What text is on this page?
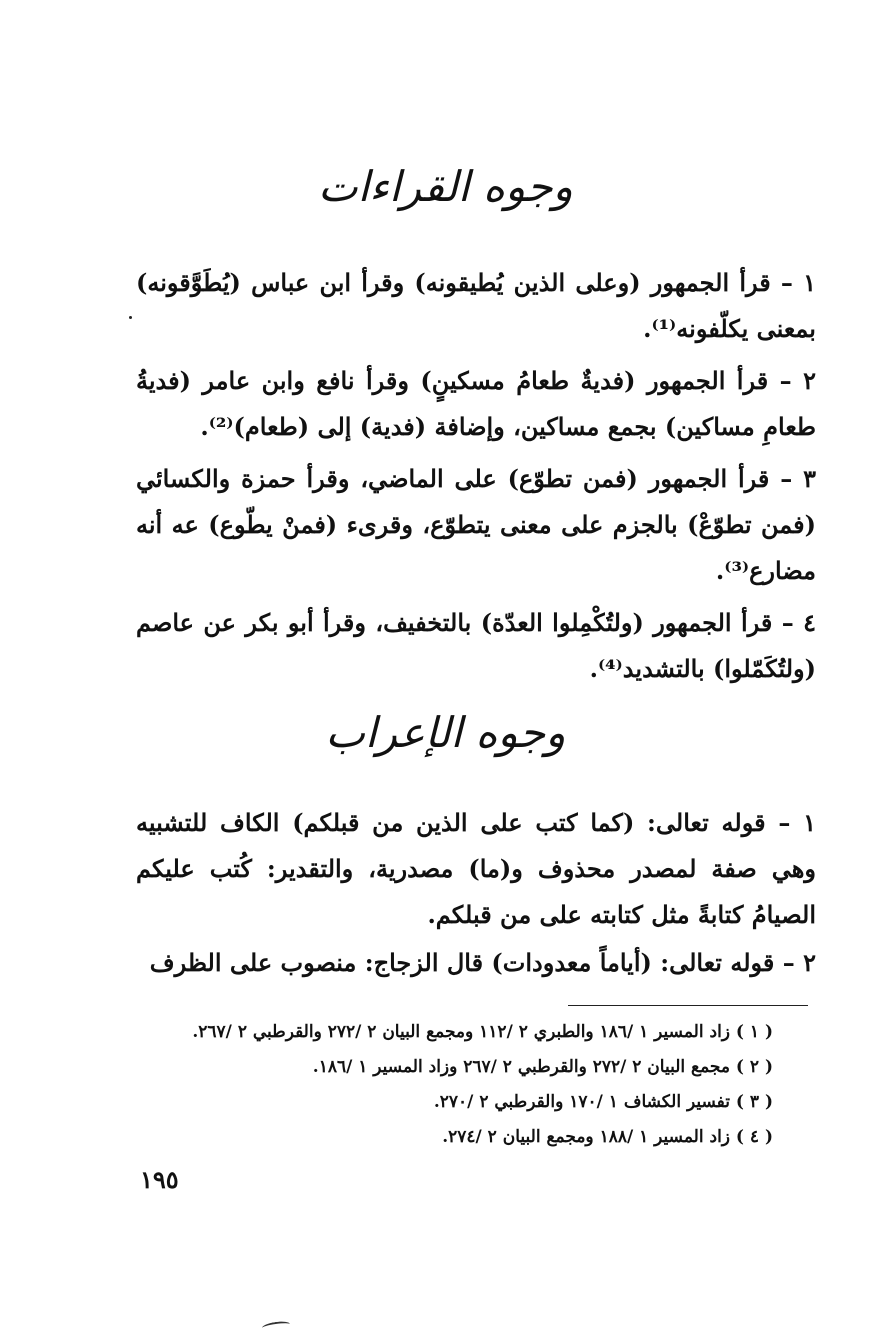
وجوه القراءات
١ – قرأ الجمهور (وعلى الذين يُطيقونه) وقرأ ابن عباس (يُطَوَّقونه) بمعنى يكلّفونه⁽¹⁾.
٢ – قرأ الجمهور (فديةٌ طعامُ مسكينٍ) وقرأ نافع وابن عامر (فديةُ طعامِ مساكين) بجمع مساكين، وإضافة (فدية) إلى (طعام)⁽²⁾.
٣ – قرأ الجمهور (فمن تطوّع) على الماضي، وقرأ حمزة والكسائي (فمن تطوّعْ) بالجزم على معنى يتطوّع، وقرىء (فمنْ يطّوع) عه أنه مضارع⁽³⁾.
٤ – قرأ الجمهور (ولتُكْمِلوا العدّة) بالتخفيف، وقرأ أبو بكر عن عاصم (ولتُكَمّلوا) بالتشديد⁽⁴⁾.
وجوه الإعراب
١ – قوله تعالى: (كما كتب على الذين من قبلكم) الكاف للتشبيه وهي صفة لمصدر محذوف و(ما) مصدرية، والتقدير: كُتب عليكم الصيامُ كتابةً مثل كتابته على من قبلكم.
٢ – قوله تعالى: (أياماً معدودات) قال الزجاج: منصوب على الظرف
( ١ ) زاد المسير ١ /١٨٦ والطبري ٢ /١١٢ ومجمع البيان ٢ /٢٧٢ والقرطبي ٢ /٢٦٧.
( ٢ ) مجمع البيان ٢ /٢٧٢ والقرطبي ٢ /٢٦٧ وزاد المسير ١ /١٨٦.
( ٣ ) تفسير الكشاف ١ /١٧٠ والقرطبي ٢ /٢٧٠.
( ٤ ) زاد المسير ١ /١٨٨ ومجمع البيان ٢ /٢٧٤.
١٩٥
